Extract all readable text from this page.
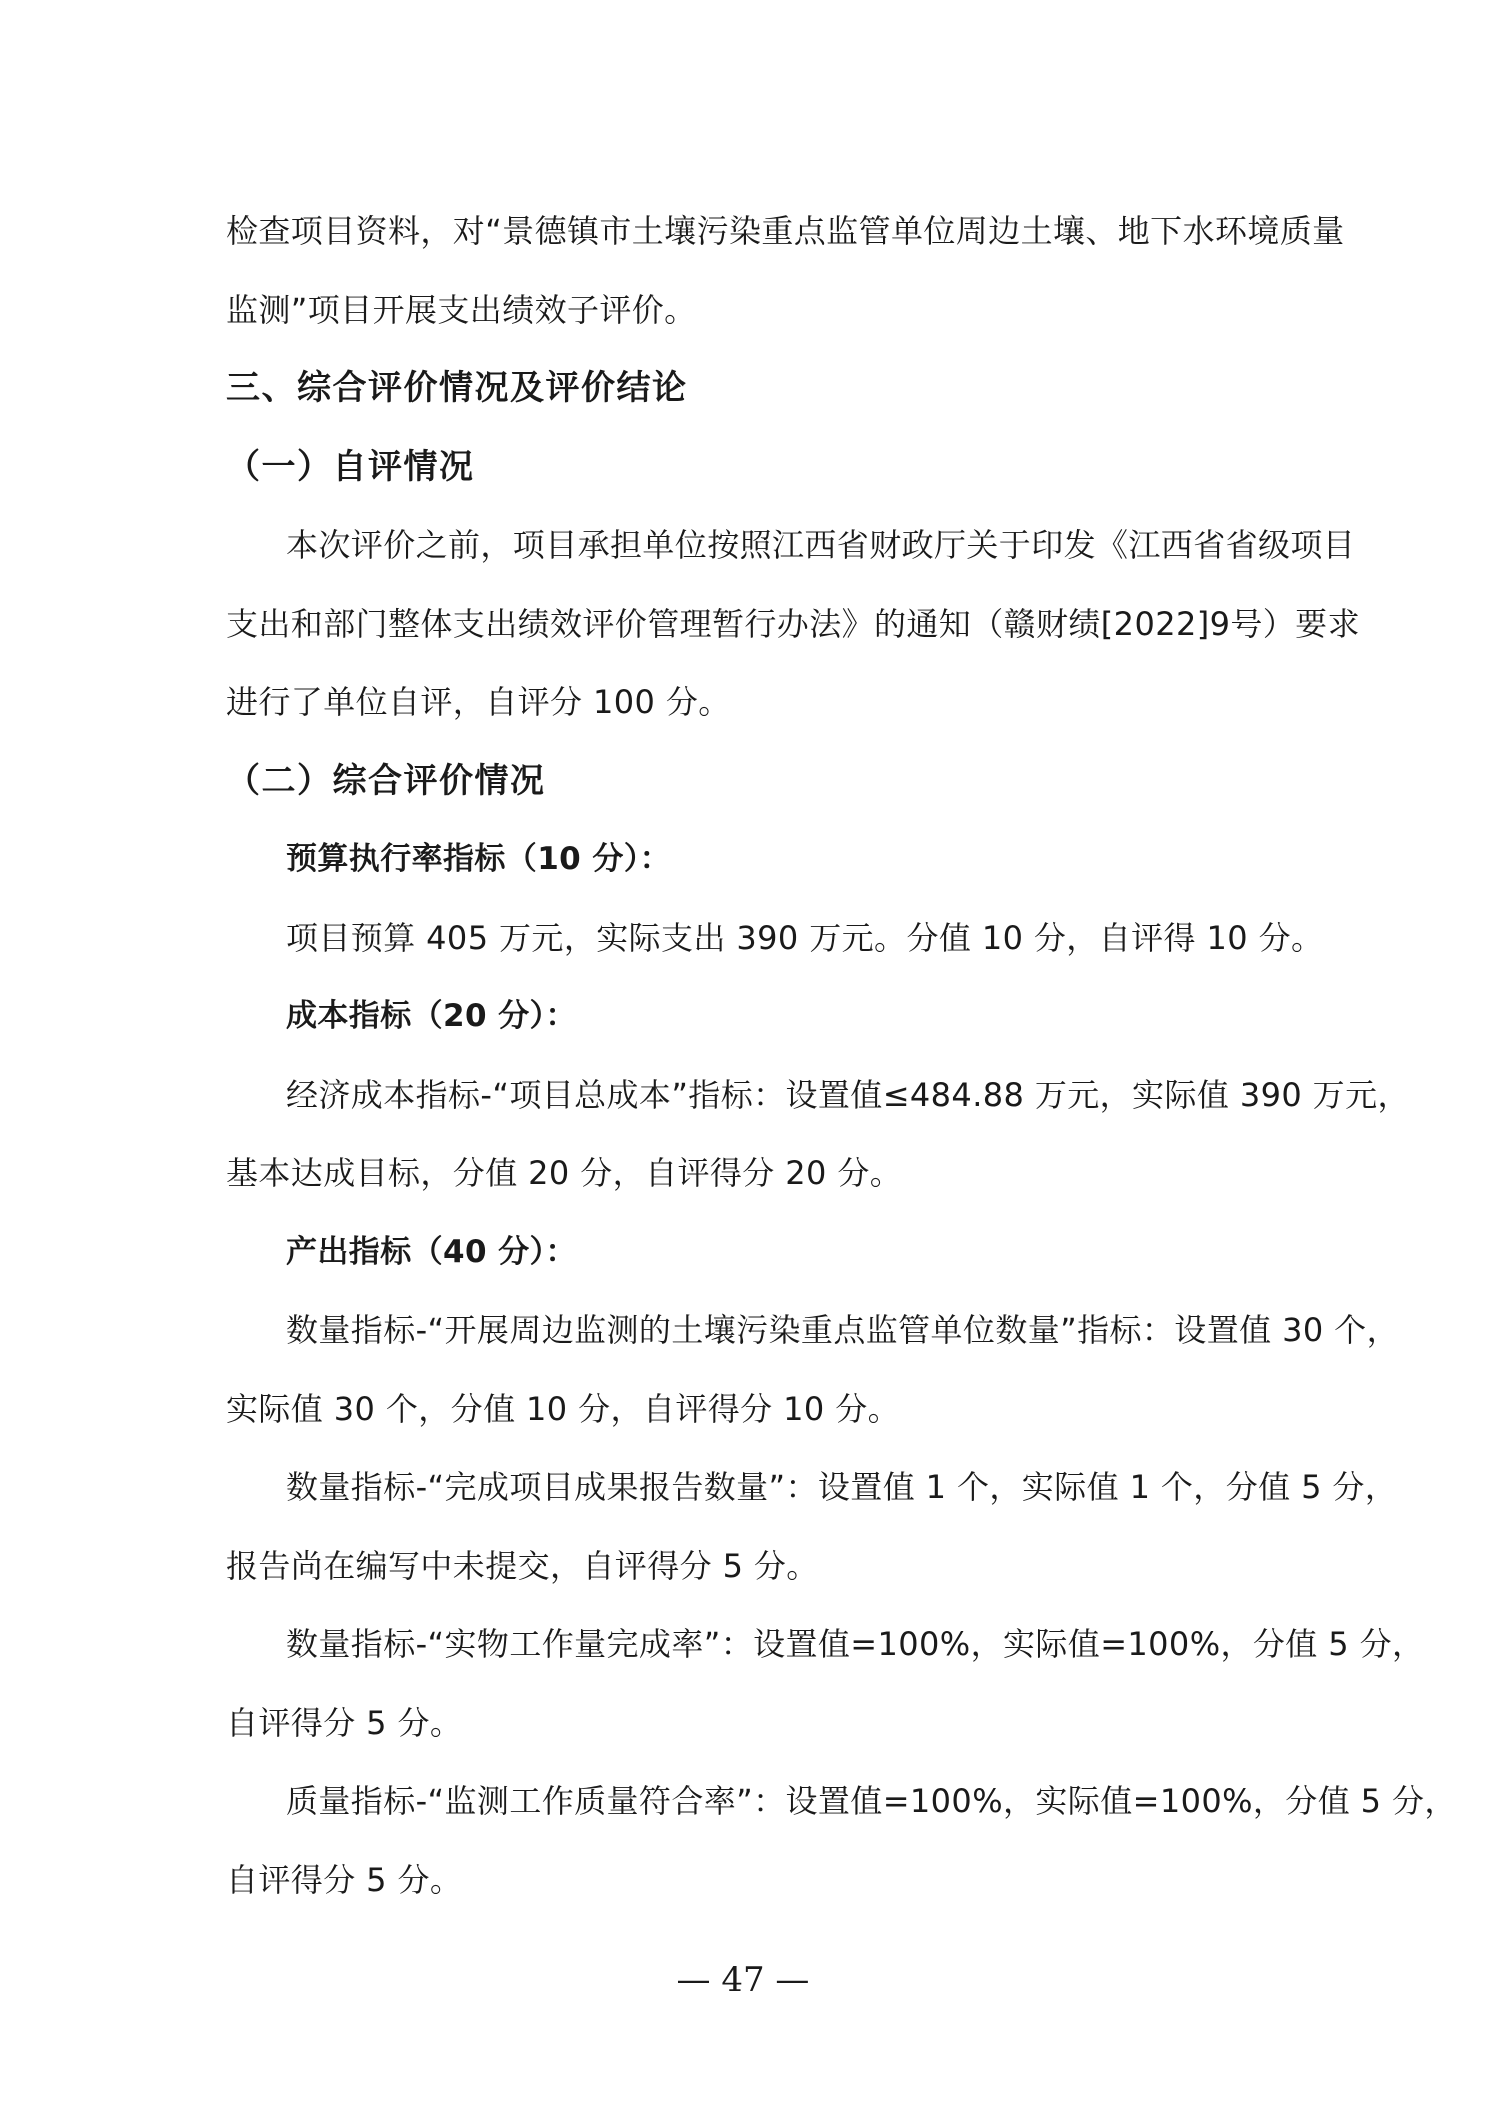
检查项目资料，对“景德镇市土壤污染重点监管单位周边土壤、地下水环境质量
监测”项目开展支出绩效子评价。
三、综合评价情况及评价结论
（一）自评情况
本次评价之前，项目承担单位按照江西省财政厅关于印发《江西省省级项目
支出和部门整体支出绩效评价管理暂行办法》的通知（赣财绩[2022]9号）要求
进行了单位自评，自评分 100 分。
（二）综合评价情况
预算执行率指标（10 分）：
项目预算 405 万元，实际支出 390 万元。分值 10 分，自评得 10 分。
成本指标（20 分）：
经济成本指标-“项目总成本”指标：设置值≤484.88 万元，实际值 390 万元，
基本达成目标，分值 20 分，自评得分 20 分。
产出指标（40 分）：
数量指标-“开展周边监测的土壤污染重点监管单位数量”指标：设置值 30 个，
实际值 30 个，分值 10 分，自评得分 10 分。
数量指标-“完成项目成果报告数量”：设置值 1 个，实际值 1 个，分值 5 分，
报告尚在编写中未提交，自评得分 5 分。
数量指标-“实物工作量完成率”：设置值=100%，实际值=100%，分值 5 分，
自评得分 5 分。
质量指标-“监测工作质量符合率”：设置值=100%，实际值=100%，分值 5 分，
自评得分 5 分。
— 47 —
